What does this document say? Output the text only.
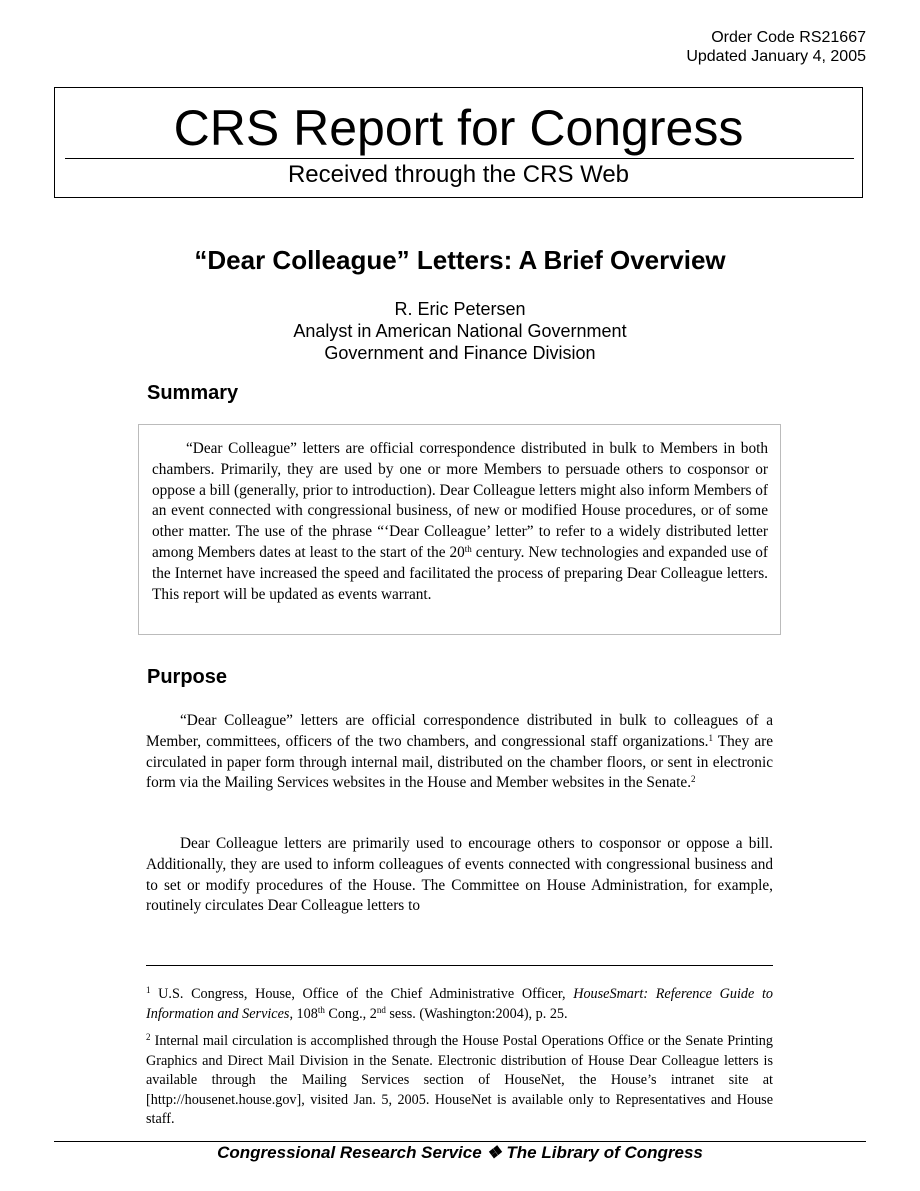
Order Code RS21667
Updated January 4, 2005
CRS Report for Congress
Received through the CRS Web
“Dear Colleague” Letters: A Brief Overview
R. Eric Petersen
Analyst in American National Government
Government and Finance Division
Summary

“Dear Colleague” letters are official correspondence distributed in bulk to Members in both chambers. Primarily, they are used by one or more Members to persuade others to cosponsor or oppose a bill (generally, prior to introduction). Dear Colleague letters might also inform Members of an event connected with congressional business, of new or modified House procedures, or of some other matter. The use of the phrase “‘Dear Colleague’ letter” to refer to a widely distributed letter among Members dates at least to the start of the 20th century. New technologies and expanded use of the Internet have increased the speed and facilitated the process of preparing Dear Colleague letters. This report will be updated as events warrant.

Purpose

“Dear Colleague” letters are official correspondence distributed in bulk to colleagues of a Member, committees, officers of the two chambers, and congressional staff organizations.$^1$ They are circulated in paper form through internal mail, distributed on the chamber floors, or sent in electronic form via the Mailing Services websites in the House and Member websites in the Senate.$^2$

Dear Colleague letters are primarily used to encourage others to cosponsor or oppose a bill. Additionally, they are used to inform colleagues of events connected with congressional business and to set or modify procedures of the House. The Committee on House Administration, for example, routinely circulates Dear Colleague letters to

$^1$ U.S. Congress, House, Office of the Chief Administrative Officer, HouseSmart: Reference Guide to Information and Services, 108th Cong., 2nd sess. (Washington:2004), p. 25.

$^2$ Internal mail circulation is accomplished through the House Postal Operations Office or the Senate Printing Graphics and Direct Mail Division in the Senate. Electronic distribution of House Dear Colleague letters is available through the Mailing Services section of HouseNet, the House’s intranet site at [http://housenet.house.gov], visited Jan. 5, 2005. HouseNet is available only to Representatives and House staff.

Congressional Research Service ❖ The Library of Congress
